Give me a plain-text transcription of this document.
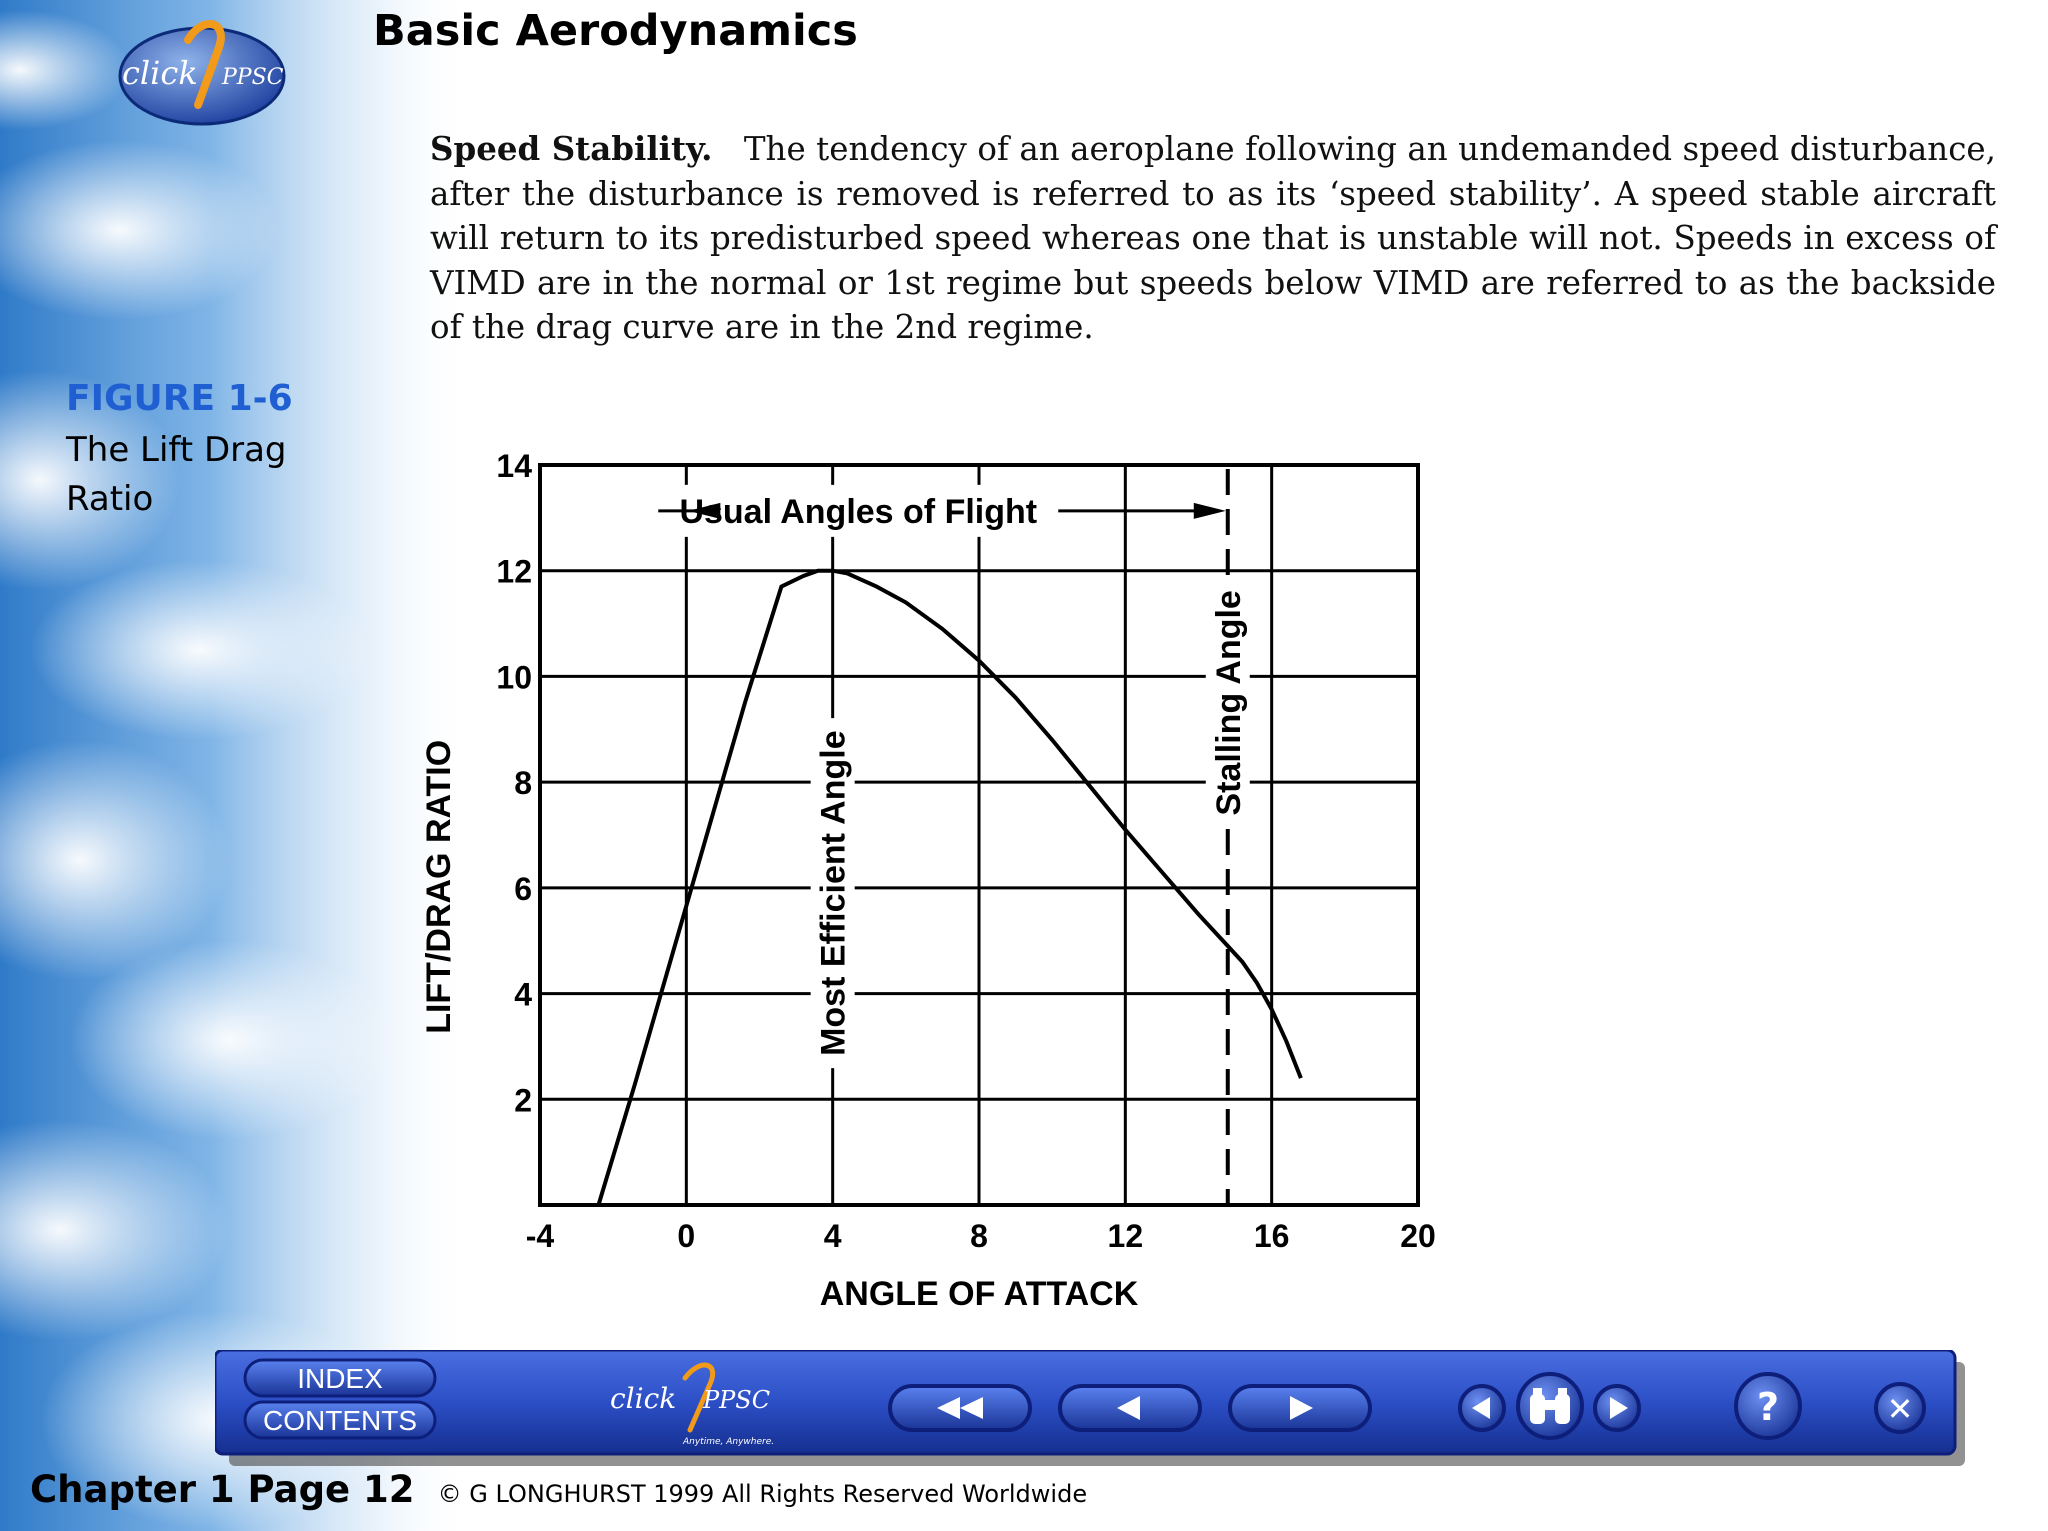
click PPSC
Basic Aerodynamics
Speed Stability. The tendency of an aeroplane following an undemanded speed disturbance, after the disturbance is removed is referred to as its ‘speed stability’. A speed stable aircraft will return to its predisturbed speed whereas one that is unstable will not. Speeds in excess of VIMD are in the normal or 1st regime but speeds below VIMD are referred to as the backside of the drag curve are in the 2nd regime.
FIGURE 1-6
The Lift Drag Ratio	Usual Angles of Flight
Most Efficient Angle
Stalling Angle
-4	0	4	8	12	16	20
2
4
6
8
10
12
14
ANGLE OF ATTACK
LIFT/DRAG RATIO
INDEX
CONTENTS
click PPSC
Anytime, Anywhere.
?	✕
Chapter 1 Page 12 © G LONGHURST 1999 All Rights Reserved Worldwide
